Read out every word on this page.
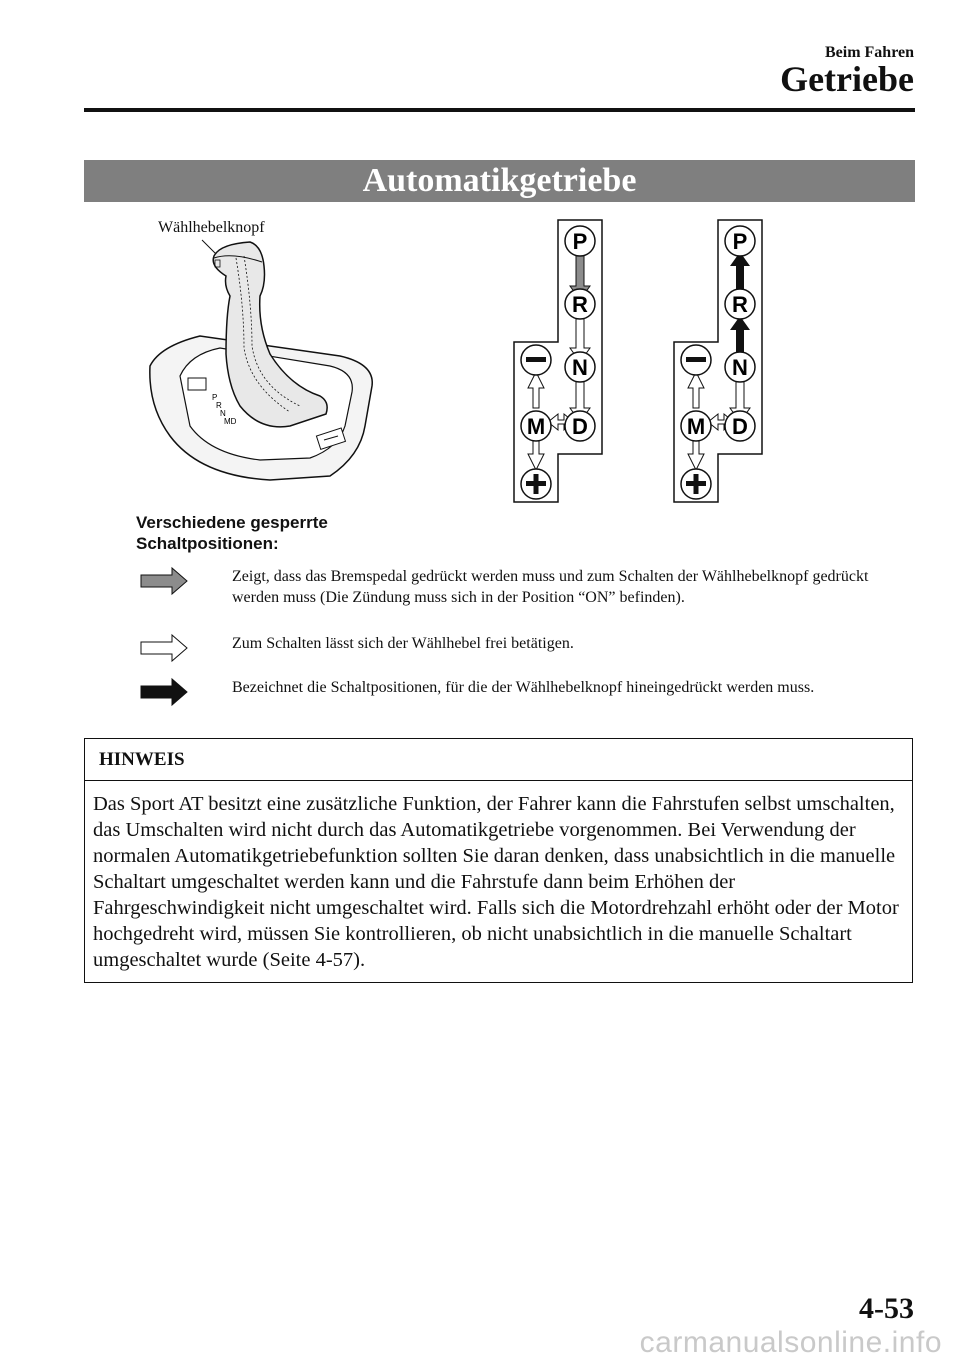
Beim Fahren
Getriebe
Automatikgetriebe
Wählhebelknopf
P
R
N
MD
P
R
N
D
M
P
R
N
D
M
Verschiedene gesperrte Schaltpositionen:
Zeigt, dass das Bremspedal gedrückt werden muss und zum Schalten der Wählhebelknopf gedrückt werden muss (Die Zündung muss sich in der Position “ON” befinden).
Zum Schalten lässt sich der Wählhebel frei betätigen.
Bezeichnet die Schaltpositionen, für die der Wählhebelknopf hineingedrückt werden muss.
HINWEIS
Das Sport AT besitzt eine zusätzliche Funktion, der Fahrer kann die Fahrstufen selbst umschalten, das Umschalten wird nicht durch das Automatikgetriebe vorgenommen. Bei Verwendung der normalen Automatikgetriebefunktion sollten Sie daran denken, dass unabsichtlich in die manuelle Schaltart umgeschaltet werden kann und die Fahrstufe dann beim Erhöhen der Fahrgeschwindigkeit nicht umgeschaltet wird. Falls sich die Motordrehzahl erhöht oder der Motor hochgedreht wird, müssen Sie kontrollieren, ob nicht unabsichtlich in die manuelle Schaltart umgeschaltet wurde (Seite 4-57).
4-53
carmanualsonline.info
